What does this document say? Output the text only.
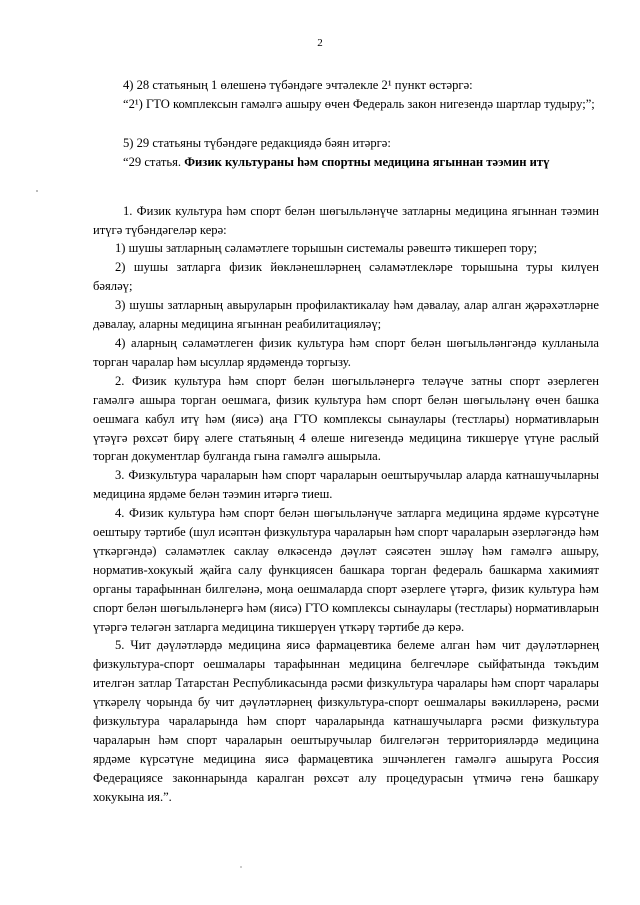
2

4) 28 статьяның 1 өлешенә түбәндәге эчтәлекле 2¹ пункт өстәргә:

“2¹) ГТО комплексын гамәлгә ашыру өчен Федераль закон нигезендә шартлар тудыру;”;

5) 29 статьяны түбәндәге редакциядә бәян итәргә:

“29 статья. Физик культураны һәм спортны медицина ягыннан тәэмин итү

1. Физик культура һәм спорт белән шөгыльләнүче затларны медицина ягыннан тәэмин итүгә түбәндәгеләр керә:

1) шушы затларның сәламәтлеге торышын системалы рәвештә тикшереп тору;

2) шушы затларга физик йөкләнешләрнең сәламәтлекләре торышына туры килүен бәяләү;

3) шушы затларның авыруларын профилактикалау һәм дәвалау, алар алган җәрәхәтләрне дәвалау, аларны медицина ягыннан реабилитацияләү;

4) аларның сәламәтлеген физик культура һәм спорт белән шөгыльләнгәндә кулланыла торган чаралар һәм ысуллар ярдәмендә торгызу.

2. Физик культура һәм спорт белән шөгыльләнергә теләүче затны спорт әзерлеген гамәлгә ашыра торган оешмага, физик культура һәм спорт белән шөгыльләнү өчен башка оешмага кабул итү һәм (яисә) аңа ГТО комплексы сынаулары (тестлары) нормативларын үтәүгә рөхсәт бирү әлеге статьяның 4 өлеше нигезендә медицина тикшерүе үтүне раслый торган документлар булганда гына гамәлгә ашырыла.

3. Физкультура чараларын һәм спорт чараларын оештыручылар аларда катнашучыларны медицина ярдәме белән тәэмин итәргә тиеш.

4. Физик культура һәм спорт белән шөгыльләнүче затларга медицина ярдәме күрсәтүне оештыру тәртибе (шул исәптән физкультура чараларын һәм спорт чараларын әзерләгәндә һәм үткәргәндә) сәламәтлек саклау өлкәсендә дәүләт сәясәтен эшләү һәм гамәлгә ашыру, норматив-хокукый җайга салу функциясен башкара торган федераль башкарма хакимият органы тарафыннан билгеләнә, моңа оешмаларда спорт әзерлеге үтәргә, физик культура һәм спорт белән шөгыльләнергә һәм (яисә) ГТО комплексы сынаулары (тестлары) нормативларын үтәргә теләгән затларга медицина тикшерүен үткәрү тәртибе дә керә.

5. Чит дәүләтләрдә медицина яисә фармацевтика белеме алган һәм чит дәүләтләрнең физкультура-спорт оешмалары тарафыннан медицина белгечләре сыйфатында тәкъдим ителгән затлар Татарстан Республикасында рәсми физкультура чаралары һәм спорт чаралары үткәрелү чорында бу чит дәүләтләрнең физкультура-спорт оешмалары вәкилләренә, рәсми физкультура чараларында һәм спорт чараларында катнашучыларга рәсми физкультура чараларын һәм спорт чараларын оештыручылар билгеләгән территорияләрдә медицина ярдәме күрсәтүне медицина яисә фармацевтика эшчәнлеген гамәлгә ашыруга Россия Федерациясе законнарында каралган рөхсәт алу процедурасын үтмичә генә башкару хокукына ия.”.
